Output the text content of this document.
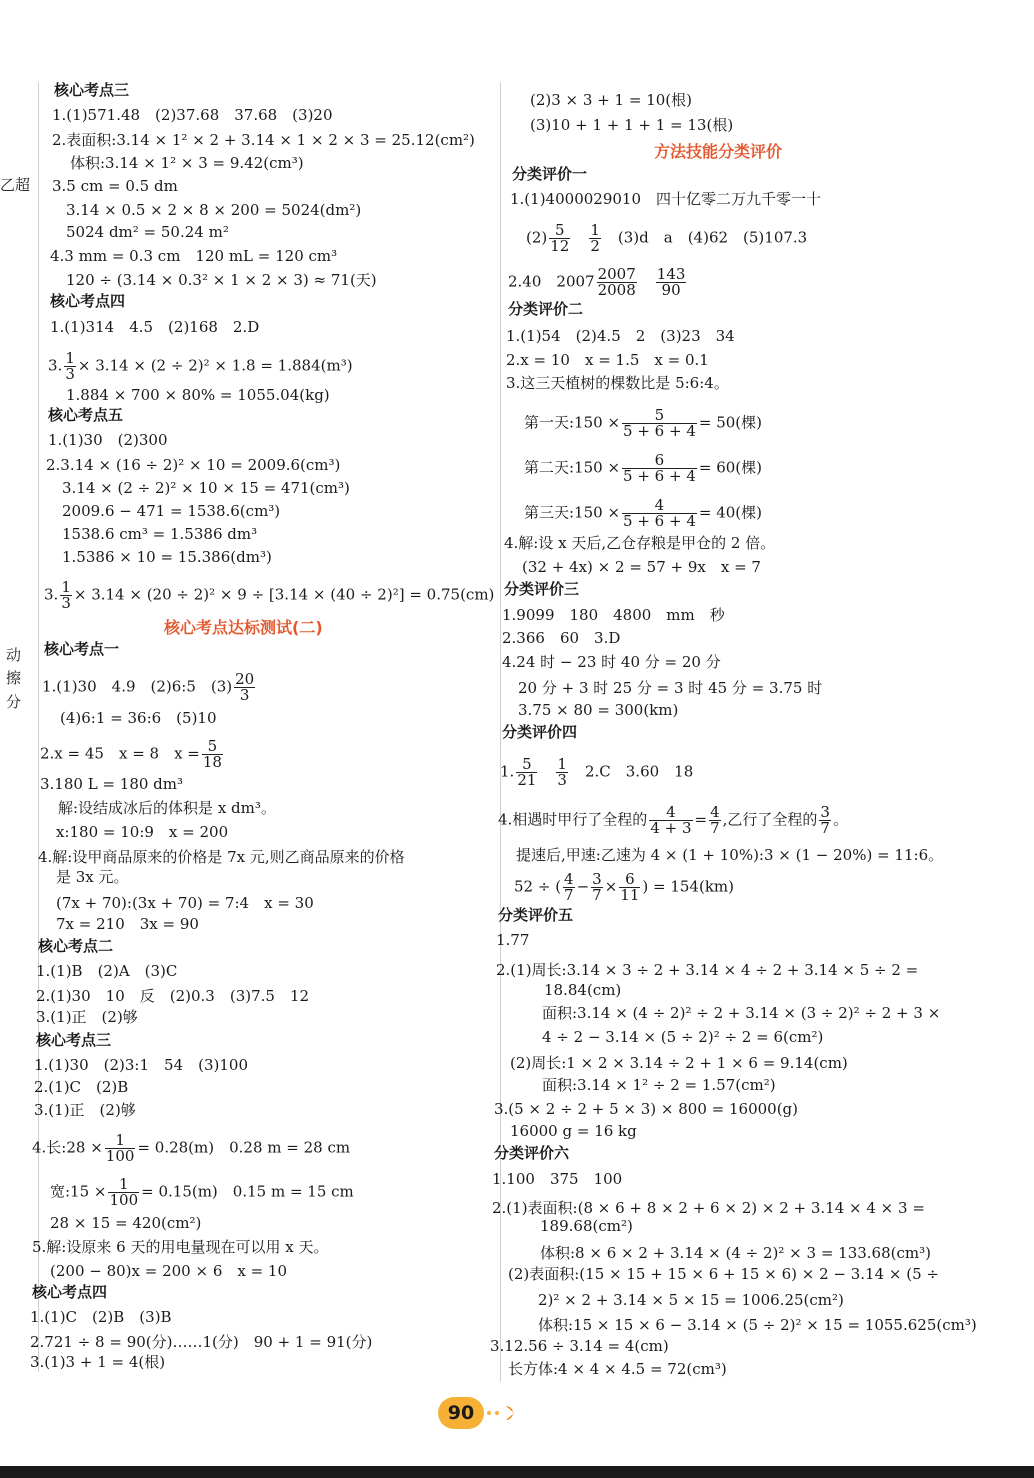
乙超
动
擦
分
核心考点三
1.(1)571.48　(2)37.68　37.68　(3)20
2.表面积:3.14 × 1² × 2 + 3.14 × 1 × 2 × 3 = 25.12(cm²)
体积:3.14 × 1² × 3 = 9.42(cm³)
3.5 cm = 0.5 dm
3.14 × 0.5 × 2 × 8 × 200 = 5024(dm²)
5024 dm² = 50.24 m²
4.3 mm = 0.3 cm　120 mL = 120 cm³
120 ÷ (3.14 × 0.3² × 1 × 2 × 3) ≈ 71(天)
核心考点四
1.(1)314　4.5　(2)168　2.D
3. $\frac{1}{3} \times 3.14 \times (2 \div 2)^2 \times 1.8 = 1.884(m^3)$
1.884 × 700 × 80% = 1055.04(kg)
核心考点五
1.(1)30　(2)300
2.3.14 × (16 ÷ 2)² × 10 = 2009.6(cm³)
3.14 × (2 ÷ 2)² × 10 × 15 = 471(cm³)
2009.6 − 471 = 1538.6(cm³)
1538.6 cm³ = 1.5386 dm³
1.5386 × 10 = 15.386(dm³)
3. $\frac{1}{3} \times 3.14 \times (20 \div 2)^2 \times 9 \div [3.14 \times (40 \div 2)^2] = 0.75(cm)$
核心考点达标测试(二)
核心考点一
1.(1)30　4.9　(2)6:5　$(3) \frac{20}{3}$
(4)6:1 = 36:6　(5)10
2.x = 45　x = 8　$x = \frac{5}{18}$
3.180 L = 180 dm³
解:设结成冰后的体积是 x dm³。
x:180 = 10:9　x = 200
4.解:设甲商品原来的价格是 7x 元,则乙商品原来的价格
是 3x 元。
(7x + 70):(3x + 70) = 7:4　x = 30
7x = 210　3x = 90
核心考点二
1.(1)B　(2)A　(3)C
2.(1)30　10　反　(2)0.3　(3)7.5　12
3.(1)正　(2)够
核心考点三
1.(1)30　(2)3:1　54　(3)100
2.(1)C　(2)B
3.(1)正　(2)够
4.长:28 × $\frac{1}{100} = 0.28(m)$　0.28 m = 28 cm
宽:15 × $\frac{1}{100} = 0.15(m)$　0.15 m = 15 cm
28 × 15 = 420(cm²)
5.解:设原来 6 天的用电量现在可以用 x 天。
(200 − 80)x = 200 × 6　x = 10
核心考点四
1.(1)C　(2)B　(3)B
2.721 ÷ 8 = 90(分)……1(分)　90 + 1 = 91(分)
3.(1)3 + 1 = 4(根)
(2)3 × 3 + 1 = 10(根)
(3)10 + 1 + 1 + 1 = 13(根)
方法技能分类评价
分类评价一
1.(1)4000029010　四十亿零二万九千零一十
$(2) \frac{5}{12}$
　 $\frac{1}{2}$ 　(3)d　a　(4)62　(5)107.3
2.40　$2007 \frac{2007}{2008}$
　 $\frac{143}{90}$
分类评价二
1.(1)54　(2)4.5　2　(3)23　34
2.x = 10　x = 1.5　x = 0.1
3.这三天植树的棵数比是 5:6:4。
第一天:150 × $\frac{5}{5 + 6 + 4} = 50$(棵)
第二天:150 × $\frac{6}{5 + 6 + 4} = 60$(棵)
第三天:150 × $\frac{4}{5 + 6 + 4} = 40$(棵)
4.解:设 x 天后,乙仓存粮是甲仓的 2 倍。
(32 + 4x) × 2 = 57 + 9x　x = 7
分类评价三
1.9099　180　4800　mm　秒
2.366　60　3.D
4.24 时 − 23 时 40 分 = 20 分
20 分 + 3 时 25 分 = 3 时 45 分 = 3.75 时
3.75 × 80 = 300(km)
分类评价四
1. $\frac{5}{21}$
　 $\frac{1}{3}$ 　2.C　3.60　18
4.相遇时甲行了全程的 $\frac{4}{4 + 3} = \frac{4}{7}$ ,乙行了全程的 $\frac{3}{7}$ 。
提速后,甲速:乙速为 4 × (1 + 10%):3 × (1 − 20%) = 11:6。
52 ÷ ( $\frac{4}{7} - \frac{3}{7} \times \frac{6}{11}$ ) = 154(km)
分类评价五
1.77
2.(1)周长:3.14 × 3 ÷ 2 + 3.14 × 4 ÷ 2 + 3.14 × 5 ÷ 2 =
18.84(cm)
面积:3.14 × (4 ÷ 2)² ÷ 2 + 3.14 × (3 ÷ 2)² ÷ 2 + 3 ×
4 ÷ 2 − 3.14 × (5 ÷ 2)² ÷ 2 = 6(cm²)
(2)周长:1 × 2 × 3.14 ÷ 2 + 1 × 6 = 9.14(cm)
面积:3.14 × 1² ÷ 2 = 1.57(cm²)
3.(5 × 2 ÷ 2 + 5 × 3) × 800 = 16000(g)
16000 g = 16 kg
分类评价六
1.100　375　100
2.(1)表面积:(8 × 6 + 8 × 2 + 6 × 2) × 2 + 3.14 × 4 × 3 =
189.68(cm²)
体积:8 × 6 × 2 + 3.14 × (4 ÷ 2)² × 3 = 133.68(cm³)
(2)表面积:(15 × 15 + 15 × 6 + 15 × 6) × 2 − 3.14 × (5 ÷
2)² × 2 + 3.14 × 5 × 15 = 1006.25(cm²)
体积:15 × 15 × 6 − 3.14 × (5 ÷ 2)² × 15 = 1055.625(cm³)
3.12.56 ÷ 3.14 = 4(cm)
长方体:4 × 4 × 4.5 = 72(cm³)
90
